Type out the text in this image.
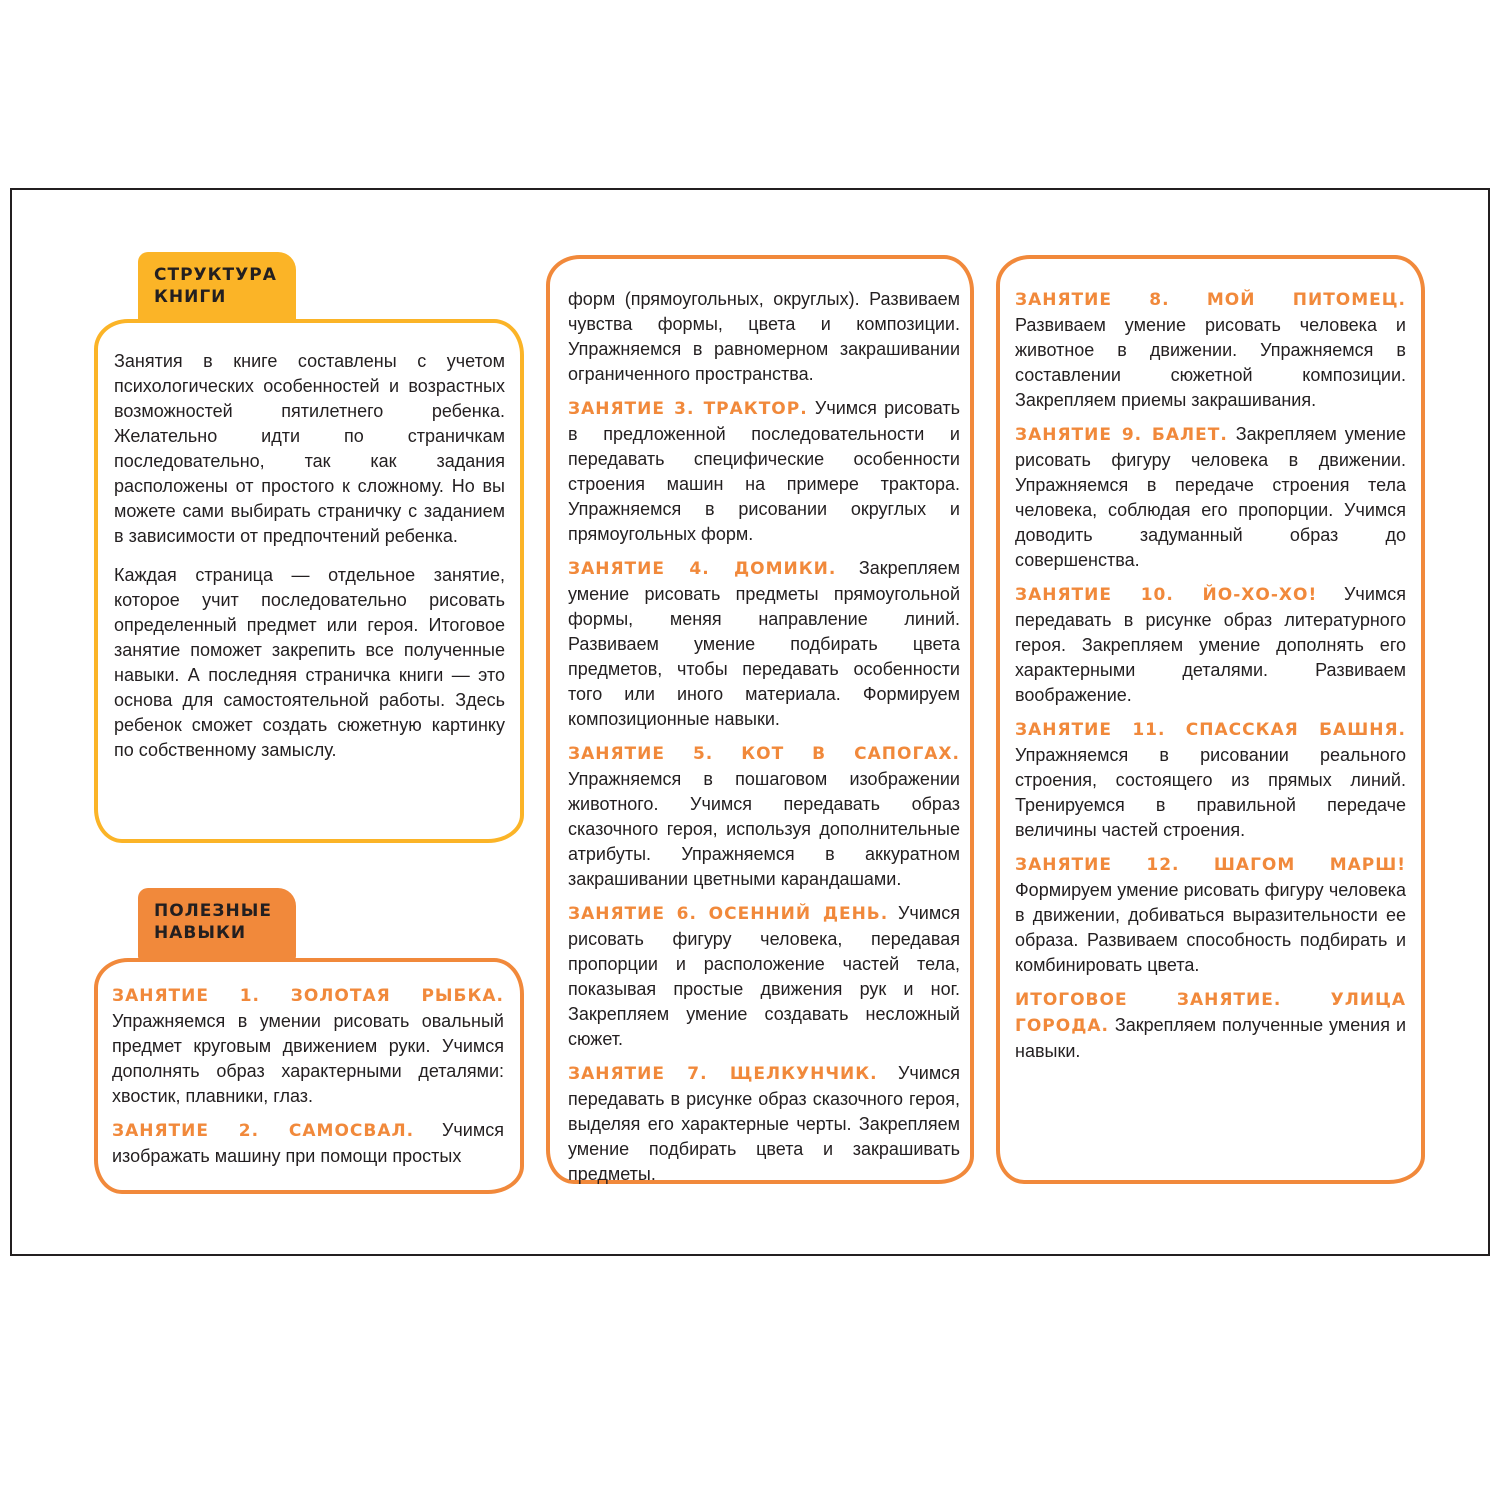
СТРУКТУРА
КНИГИ

Занятия в книге составлены с учетом психологических особенностей и возрастных возможностей пятилетнего ребенка. Желательно идти по страничкам последовательно, так как задания расположены от простого к сложному. Но вы можете сами выбирать страничку с заданием в зависимости от предпочтений ребенка.

Каждая страница — отдельное занятие, которое учит последовательно рисовать определенный предмет или героя. Итоговое занятие поможет закрепить все полученные навыки. А последняя страничка книги — это основа для самостоятельной работы. Здесь ребенок сможет создать сюжетную картинку по собственному замыслу.

ПОЛЕЗНЫЕ
НАВЫКИ

ЗАНЯТИЕ 1. ЗОЛОТАЯ РЫБКА. Упражняемся в умении рисовать овальный предмет круговым движением руки. Учимся дополнять образ характерными деталями: хвостик, плавники, глаз.

ЗАНЯТИЕ 2. САМОСВАЛ. Учимся изображать машину при помощи простых

форм (прямоугольных, округлых). Развиваем чувства формы, цвета и композиции. Упражняемся в равномерном закрашивании ограниченного пространства.

ЗАНЯТИЕ 3. ТРАКТОР. Учимся рисовать в предложенной последовательности и передавать специфические особенности строения машин на примере трактора. Упражняемся в рисовании округлых и прямоугольных форм.

ЗАНЯТИЕ 4. ДОМИКИ. Закрепляем умение рисовать предметы прямоугольной формы, меняя направление линий. Развиваем умение подбирать цвета предметов, чтобы передавать особенности того или иного материала. Формируем композиционные навыки.

ЗАНЯТИЕ 5. КОТ В САПОГАХ. Упражняемся в пошаговом изображении животного. Учимся передавать образ сказочного героя, используя дополнительные атрибуты. Упражняемся в аккуратном закрашивании цветными карандашами.

ЗАНЯТИЕ 6. ОСЕННИЙ ДЕНЬ. Учимся рисовать фигуру человека, передавая пропорции и расположение частей тела, показывая простые движения рук и ног. Закрепляем умение создавать несложный сюжет.

ЗАНЯТИЕ 7. ЩЕЛКУНЧИК. Учимся передавать в рисунке образ сказочного героя, выделяя его характерные черты. Закрепляем умение подбирать цвета и закрашивать предметы.

ЗАНЯТИЕ 8. МОЙ ПИТОМЕЦ. Развиваем умение рисовать человека и животное в движении. Упражняемся в составлении сюжетной композиции. Закрепляем приемы закрашивания.

ЗАНЯТИЕ 9. БАЛЕТ. Закрепляем умение рисовать фигуру человека в движении. Упражняемся в передаче строения тела человека, соблюдая его пропорции. Учимся доводить задуманный образ до совершенства.

ЗАНЯТИЕ 10. ЙО-ХО-ХО! Учимся передавать в рисунке образ литературного героя. Закрепляем умение дополнять его характерными деталями. Развиваем воображение.

ЗАНЯТИЕ 11. СПАССКАЯ БАШНЯ. Упражняемся в рисовании реального строения, состоящего из прямых линий. Тренируемся в правильной передаче величины частей строения.

ЗАНЯТИЕ 12. ШАГОМ МАРШ! Формируем умение рисовать фигуру человека в движении, добиваться выразительности ее образа. Развиваем способность подбирать и комбинировать цвета.

ИТОГОВОЕ ЗАНЯТИЕ. УЛИЦА ГОРОДА. Закрепляем полученные умения и навыки.
